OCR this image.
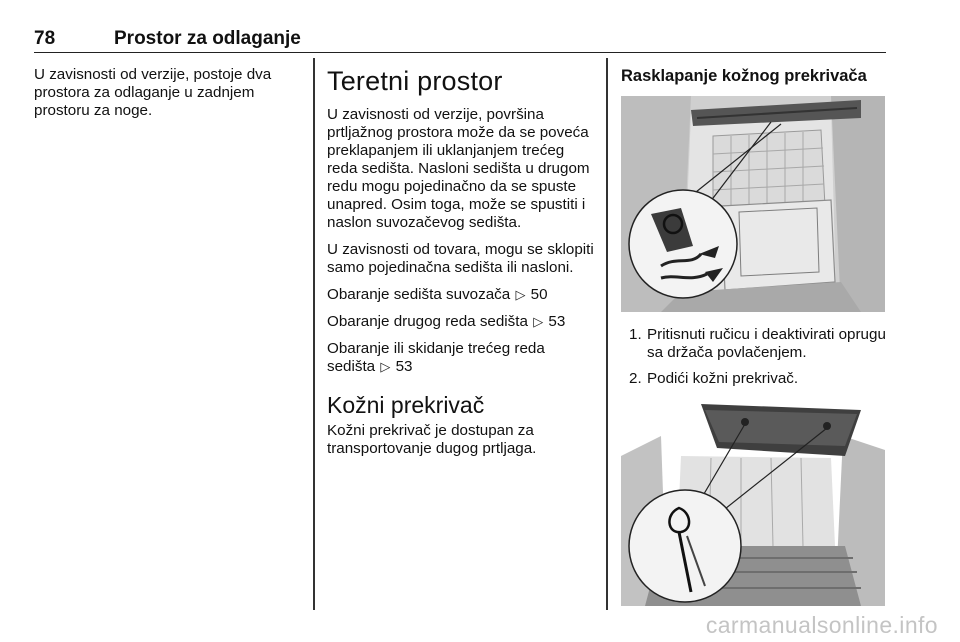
78	Prostor za odlaganje

U zavisnosti od verzije, postoje dva prostora za odlaganje u zadnjem prostoru za noge.

Teretni prostor

U zavisnosti od verzije, površina prtljažnog prostora može da se poveća preklapanjem ili uklanjanjem trećeg reda sedišta. Nasloni sedišta u drugom redu mogu pojedinačno da se spuste unapred. Osim toga, može se spustiti i naslon suvozačevog sedišta.

U zavisnosti od tovara, mogu se sklopiti samo pojedinačna sedišta ili nasloni.

Obaranje sedišta suvozača ▷ 50
Obaranje drugog reda sedišta ▷ 53
Obaranje ili skidanje trećeg reda sedišta ▷ 53
Kožni prekrivač

Kožni prekrivač je dostupan za transportovanje dugog prtljaga.

Rasklapanje kožnog prekrivača
1. Pritisnuti ručicu i deaktivirati oprugu sa držača povlačenjem.
2. Podići kožni prekrivač.
carmanualsonline.info
